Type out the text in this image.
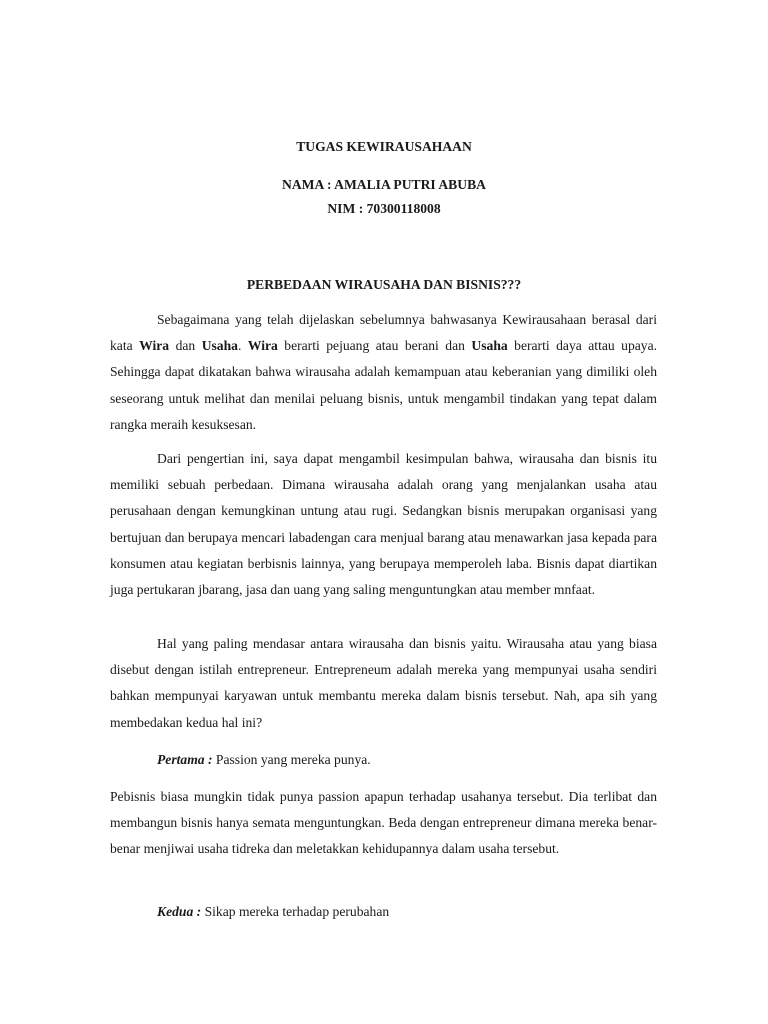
TUGAS KEWIRAUSAHAAN
NAMA : AMALIA PUTRI ABUBA
NIM : 70300118008
PERBEDAAN WIRAUSAHA DAN BISNIS???

Sebagaimana yang telah dijelaskan sebelumnya bahwasanya Kewirausahaan berasal dari kata Wira dan Usaha. Wira berarti pejuang atau berani dan Usaha berarti daya attau upaya. Sehingga dapat dikatakan bahwa wirausaha adalah kemampuan atau keberanian yang dimiliki oleh seseorang untuk melihat dan menilai peluang bisnis, untuk mengambil tindakan yang tepat dalam rangka meraih kesuksesan.

Dari pengertian ini, saya dapat mengambil kesimpulan bahwa, wirausaha dan bisnis itu memiliki sebuah perbedaan. Dimana wirausaha adalah orang yang menjalankan usaha atau perusahaan dengan kemungkinan untung atau rugi. Sedangkan bisnis merupakan organisasi yang bertujuan dan berupaya mencari labadengan cara menjual barang atau menawarkan jasa kepada para konsumen atau kegiatan berbisnis lainnya, yang berupaya memperoleh laba. Bisnis dapat diartikan juga pertukaran jbarang, jasa dan uang yang saling menguntungkan atau member mnfaat.

Hal yang paling mendasar antara wirausaha dan bisnis yaitu. Wirausaha atau yang biasa disebut dengan istilah entrepreneur. Entrepreneum adalah mereka yang mempunyai usaha sendiri bahkan mempunyai karyawan untuk membantu mereka dalam bisnis tersebut. Nah, apa sih yang membedakan kedua hal ini?

Pertama : Passion yang mereka punya.

Pebisnis biasa mungkin tidak punya passion apapun terhadap usahanya tersebut. Dia terlibat dan membangun bisnis hanya semata menguntungkan. Beda dengan entrepreneur dimana mereka benar-benar menjiwai usaha tidreka dan meletakkan kehidupannya dalam usaha tersebut.

Kedua : Sikap mereka terhadap perubahan
